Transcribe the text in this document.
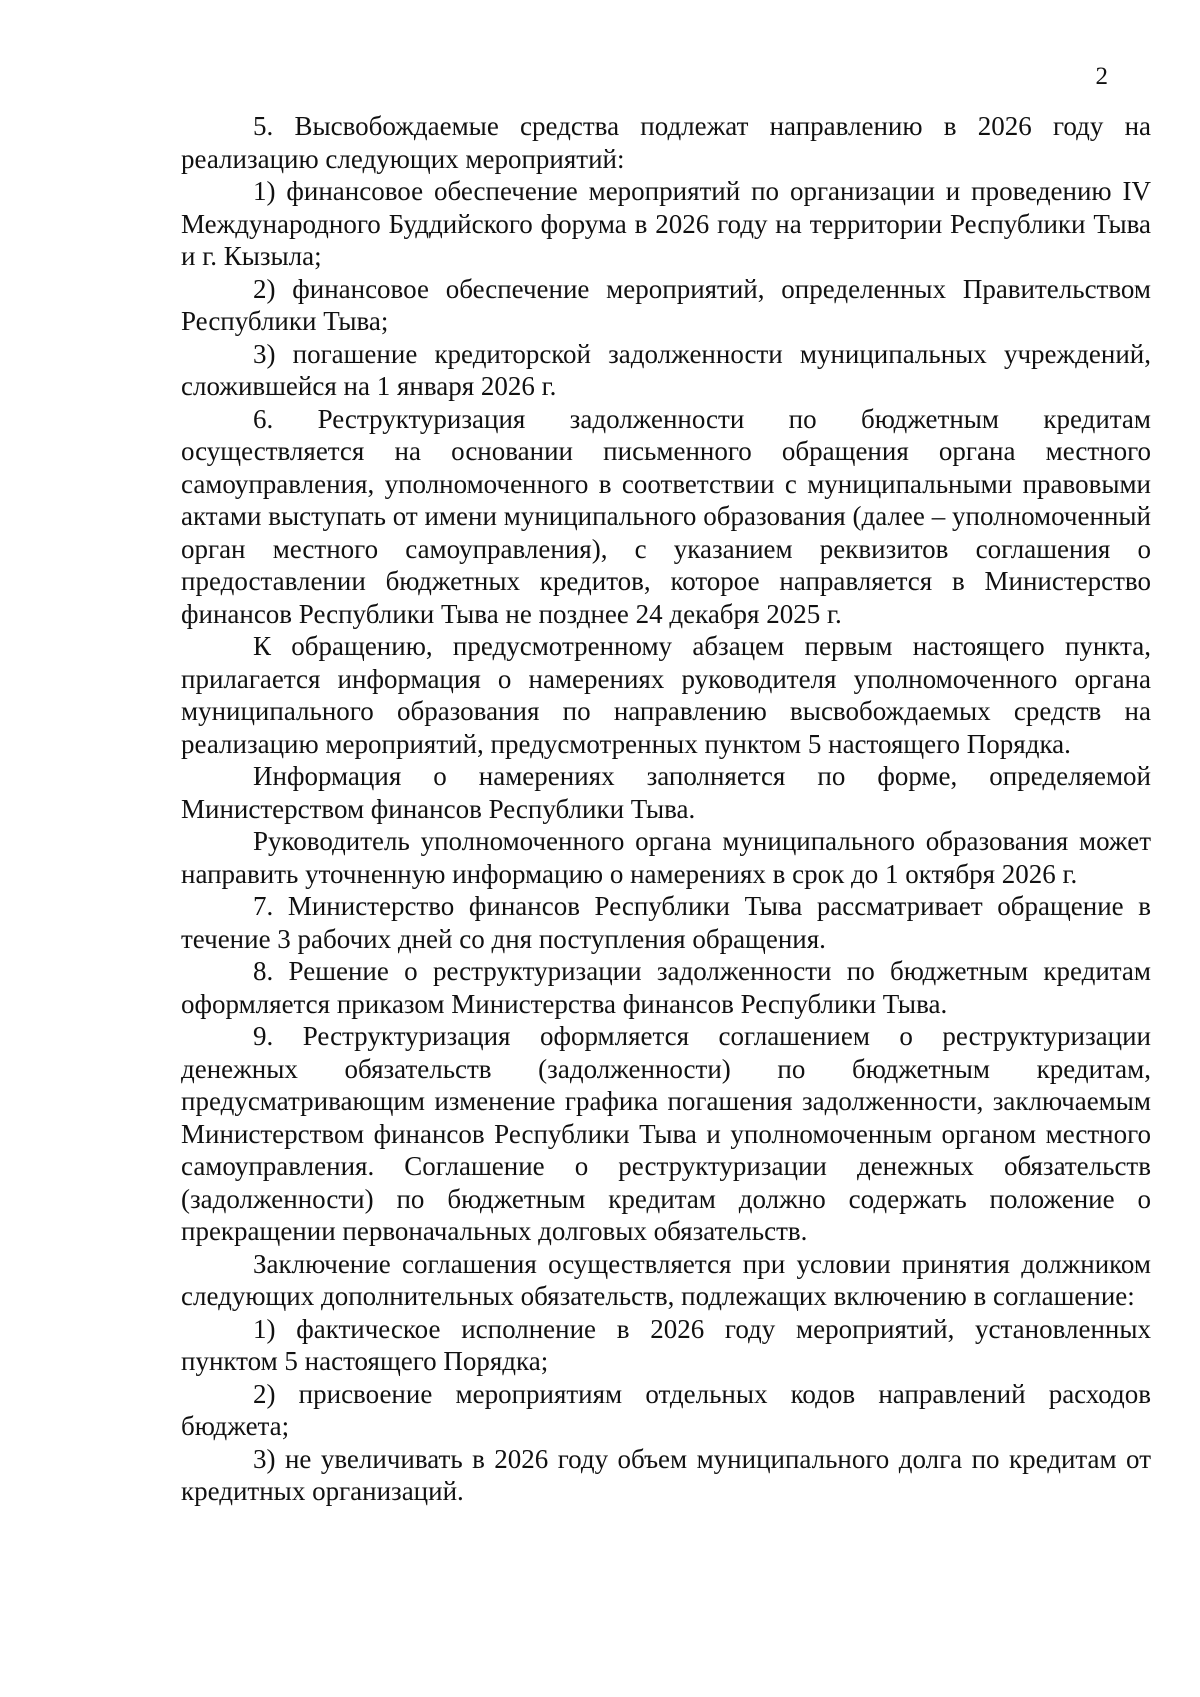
2

5. Высвобождаемые средства подлежат направлению в 2026 году на реализацию следующих мероприятий:

1) финансовое обеспечение мероприятий по организации и проведению IV Международного Буддийского форума в 2026 году на территории Республики Тыва и г. Кызыла;

2) финансовое обеспечение мероприятий, определенных Правительством Республики Тыва;

3) погашение кредиторской задолженности муниципальных учреждений, сложившейся на 1 января 2026 г.

6. Реструктуризация задолженности по бюджетным кредитам осуществляется на основании письменного обращения органа местного самоуправления, уполномоченного в соответствии с муниципальными правовыми актами выступать от имени муниципального образования (далее – уполномоченный орган местного самоуправления), с указанием реквизитов соглашения о предоставлении бюджетных кредитов, которое направляется в Министерство финансов Республики Тыва не позднее 24 декабря 2025 г.

К обращению, предусмотренному абзацем первым настоящего пункта, прилагается информация о намерениях руководителя уполномоченного органа муниципального образования по направлению высвобождаемых средств на реализацию мероприятий, предусмотренных пунктом 5 настоящего Порядка.

Информация о намерениях заполняется по форме, определяемой Министерством финансов Республики Тыва.

Руководитель уполномоченного органа муниципального образования может направить уточненную информацию о намерениях в срок до 1 октября 2026 г.

7. Министерство финансов Республики Тыва рассматривает обращение в течение 3 рабочих дней со дня поступления обращения.

8. Решение о реструктуризации задолженности по бюджетным кредитам оформляется приказом Министерства финансов Республики Тыва.

9. Реструктуризация оформляется соглашением о реструктуризации денежных обязательств (задолженности) по бюджетным кредитам, предусматривающим изменение графика погашения задолженности, заключаемым Министерством финансов Республики Тыва и уполномоченным органом местного самоуправления. Соглашение о реструктуризации денежных обязательств (задолженности) по бюджетным кредитам должно содержать положение о прекращении первоначальных долговых обязательств.

Заключение соглашения осуществляется при условии принятия должником следующих дополнительных обязательств, подлежащих включению в соглашение:

1) фактическое исполнение в 2026 году мероприятий, установленных пунктом 5 настоящего Порядка;

2) присвоение мероприятиям отдельных кодов направлений расходов бюджета;

3) не увеличивать в 2026 году объем муниципального долга по кредитам от кредитных организаций.
